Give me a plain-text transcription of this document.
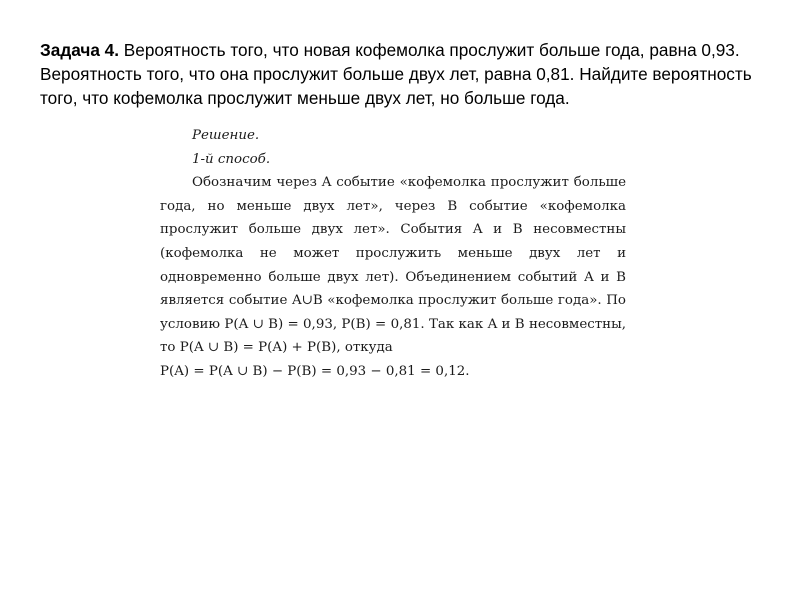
Задача 4. Вероятность того, что новая кофемолка прослужит больше года, равна 0,93. Вероятность того, что она прослужит больше двух лет, равна 0,81. Найдите вероятность того, что кофемолка прослужит меньше двух лет, но больше года.

Решение.
1-й способ.

Обозначим через A событие «кофемолка прослужит больше года, но меньше двух лет», через B событие «кофемолка прослужит больше двух лет». События A и B несовместны (кофемолка не может прослужить меньше двух лет и одновременно больше двух лет). Объединением событий A и B является событие A∪B «кофемолка прослужит больше года». По условию P(A ∪ B) = 0,93, P(B) = 0,81. Так как A и B несовместны, то P(A ∪ B) = P(A) + P(B), откуда

P(A) = P(A ∪ B) − P(B) = 0,93 − 0,81 = 0,12.
